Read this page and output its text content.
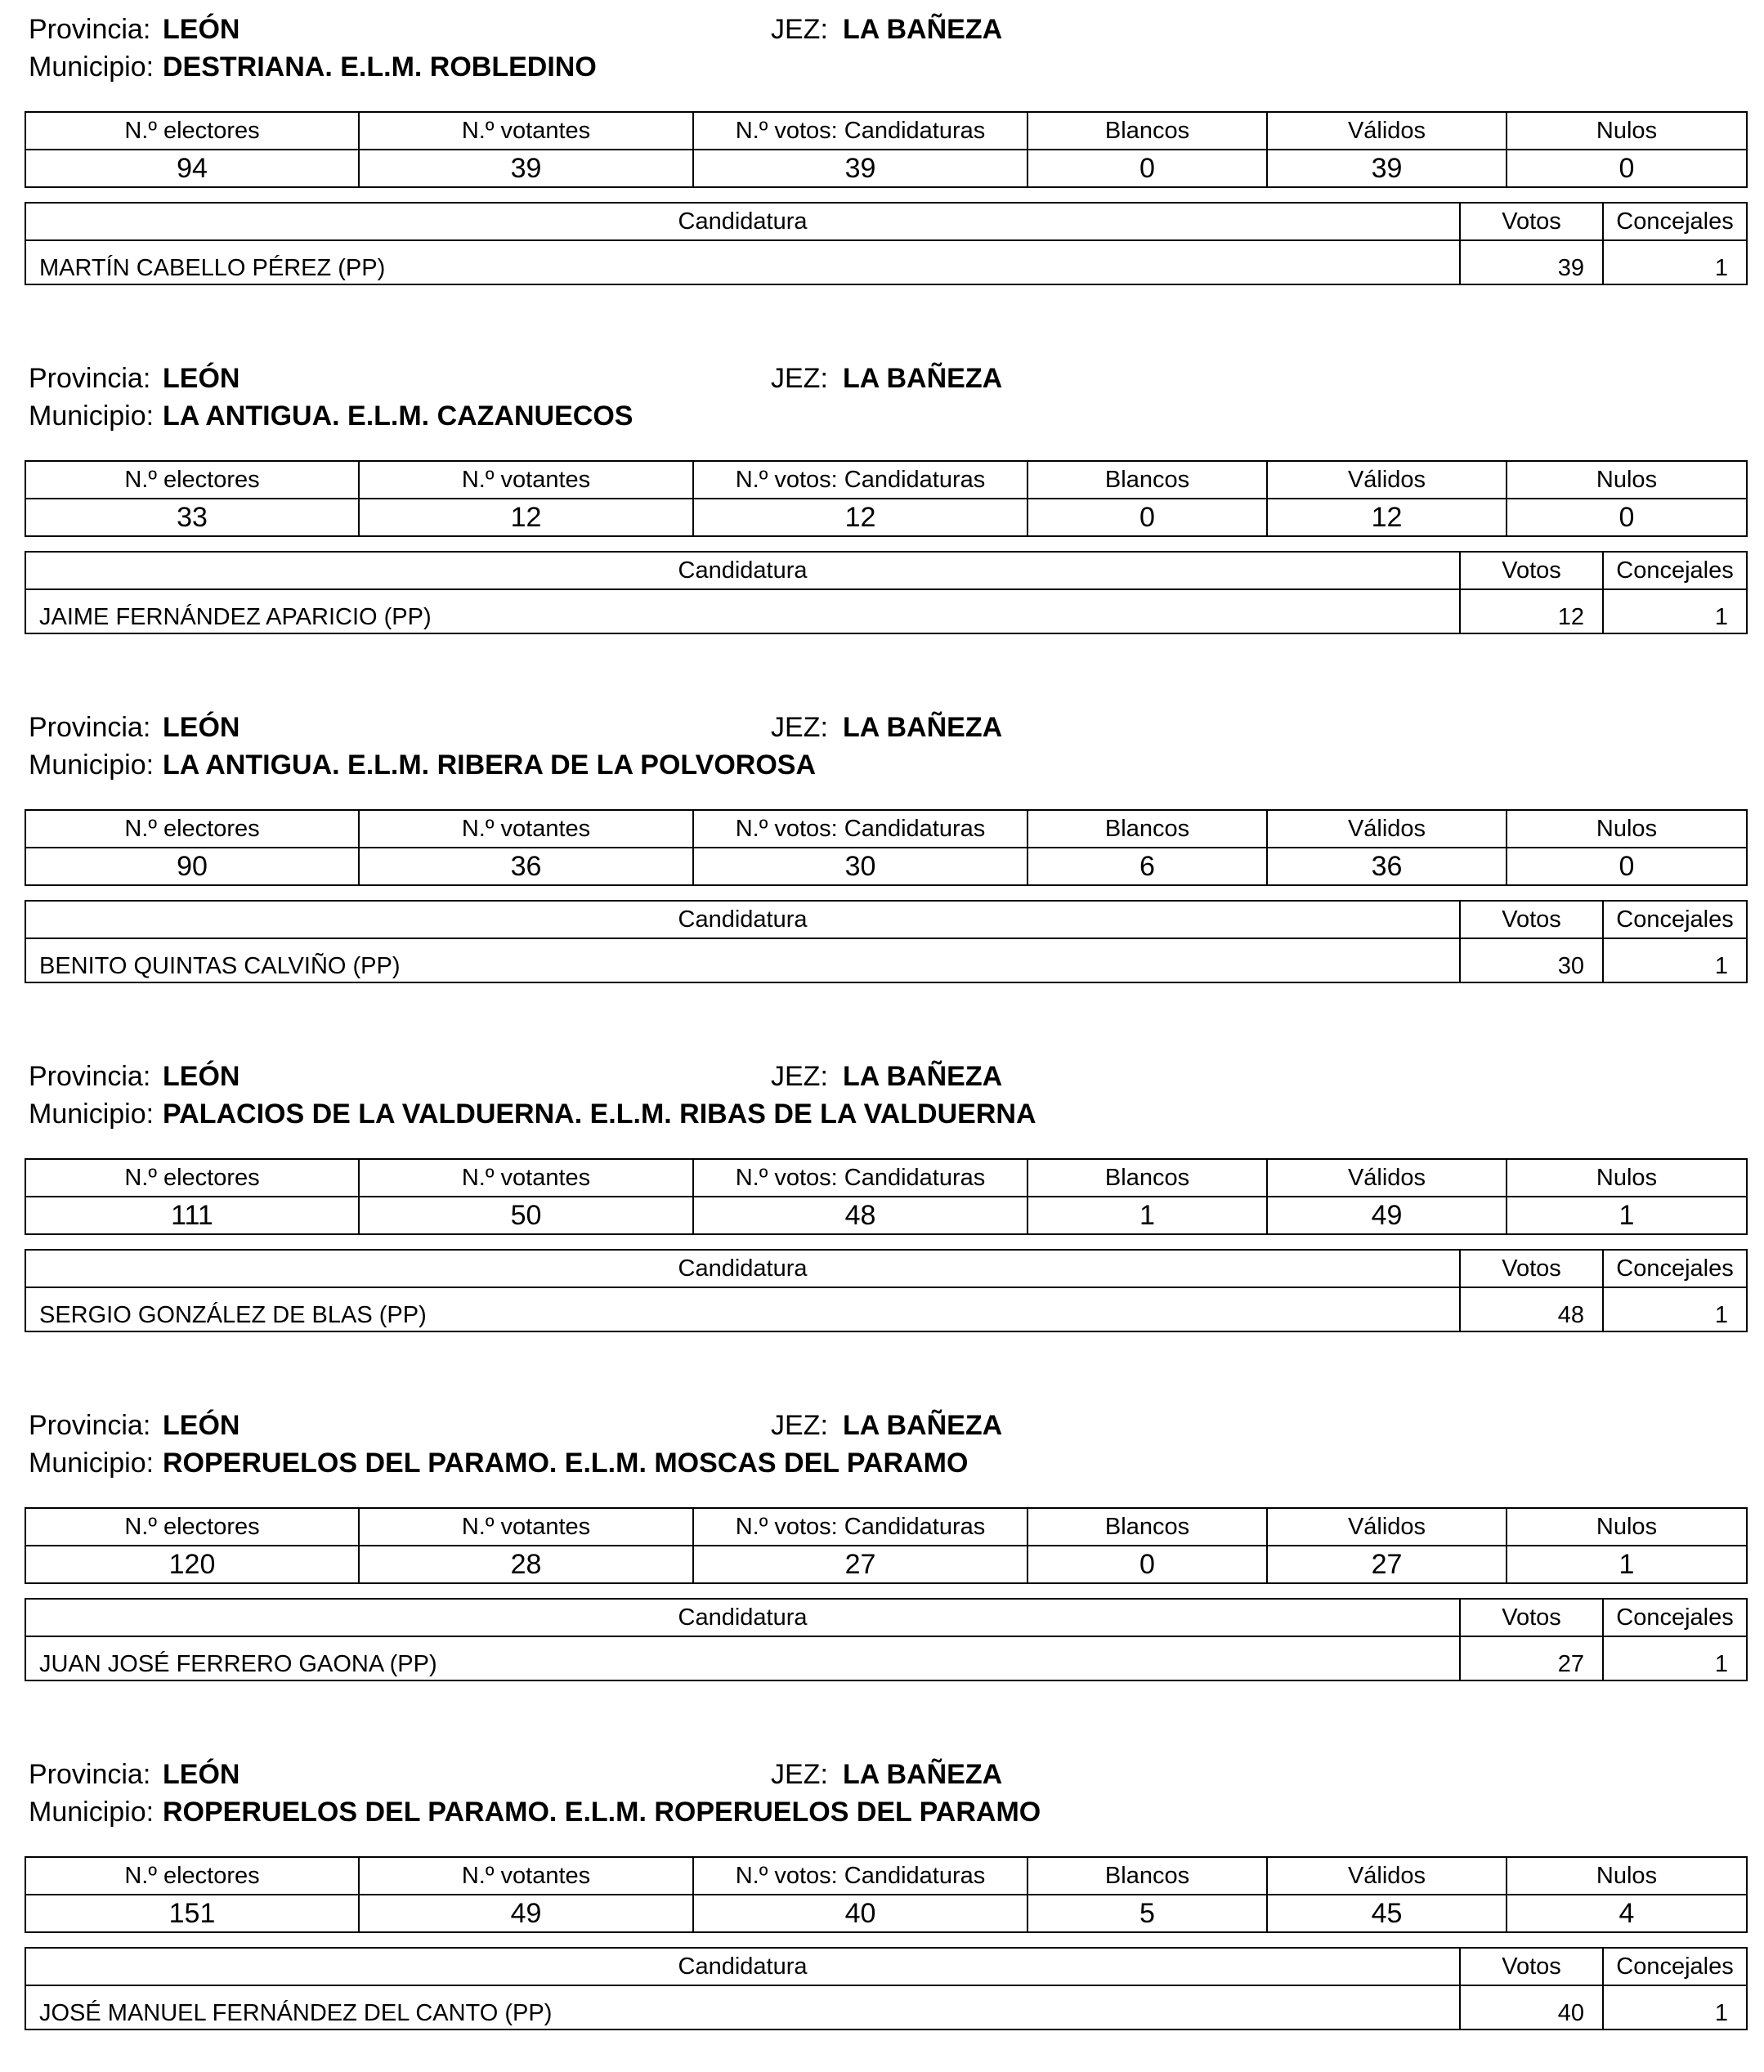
Provincia: LEÓN	JEZ: LA BAÑEZA
Municipio: DESTRIANA. E.L.M. ROBLEDINO
N.º electores	N.º votantes	N.º votos: Candidaturas	Blancos	Válidos	Nulos
94	39	39	0	39	0
Candidatura	Votos	Concejales
MARTÍN CABELLO PÉREZ (PP)	39	1
Provincia: LEÓN	JEZ: LA BAÑEZA
Municipio: LA ANTIGUA. E.L.M. CAZANUECOS
N.º electores	N.º votantes	N.º votos: Candidaturas	Blancos	Válidos	Nulos
33	12	12	0	12	0
Candidatura	Votos	Concejales
JAIME FERNÁNDEZ APARICIO (PP)	12	1
Provincia: LEÓN	JEZ: LA BAÑEZA
Municipio: LA ANTIGUA. E.L.M. RIBERA DE LA POLVOROSA
N.º electores	N.º votantes	N.º votos: Candidaturas	Blancos	Válidos	Nulos
90	36	30	6	36	0
Candidatura	Votos	Concejales
BENITO QUINTAS CALVIÑO (PP)	30	1
Provincia: LEÓN	JEZ: LA BAÑEZA
Municipio: PALACIOS DE LA VALDUERNA. E.L.M. RIBAS DE LA VALDUERNA
N.º electores	N.º votantes	N.º votos: Candidaturas	Blancos	Válidos	Nulos
111	50	48	1	49	1
Candidatura	Votos	Concejales
SERGIO GONZÁLEZ DE BLAS (PP)	48	1
Provincia: LEÓN	JEZ: LA BAÑEZA
Municipio: ROPERUELOS DEL PARAMO. E.L.M. MOSCAS DEL PARAMO
N.º electores	N.º votantes	N.º votos: Candidaturas	Blancos	Válidos	Nulos
120	28	27	0	27	1
Candidatura	Votos	Concejales
JUAN JOSÉ FERRERO GAONA (PP)	27	1
Provincia: LEÓN	JEZ: LA BAÑEZA
Municipio: ROPERUELOS DEL PARAMO. E.L.M. ROPERUELOS DEL PARAMO
N.º electores	N.º votantes	N.º votos: Candidaturas	Blancos	Válidos	Nulos
151	49	40	5	45	4
Candidatura	Votos	Concejales
JOSÉ MANUEL FERNÁNDEZ DEL CANTO (PP)	40	1
